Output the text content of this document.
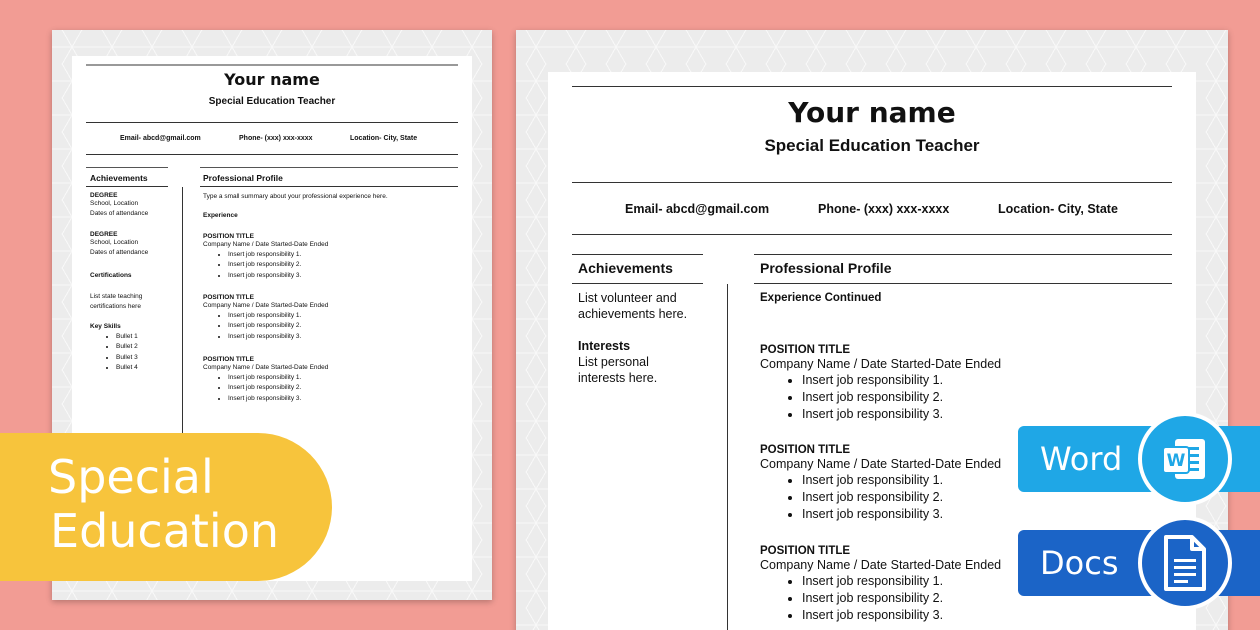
Your name
Special Education Teacher
Email- abcd@gmail.com	Phone- (xxx) xxx-xxxx	Location- City, State
Achievements
DEGREE
School, Location
Dates of attendance
DEGREE
School, Location
Dates of attendance
Certifications
List state teaching
certifications here
Key Skills
• Bullet 1
• Bullet 2
• Bullet 3
• Bullet 4
Professional Profile
Type a small summary about your professional experience here.
Experience
POSITION TITLE
Company Name / Date Started-Date Ended
• Insert job responsibility 1.
• Insert job responsibility 2.
• Insert job responsibility 3.
POSITION TITLE
Company Name / Date Started-Date Ended
• Insert job responsibility 1.
• Insert job responsibility 2.
• Insert job responsibility 3.
POSITION TITLE
Company Name / Date Started-Date Ended
• Insert job responsibility 1.
• Insert job responsibility 2.
• Insert job responsibility 3.
Your name
Special Education Teacher
Email- abcd@gmail.com	Phone- (xxx) xxx-xxxx	Location- City, State
Achievements
List volunteer and
achievements here.
Interests
List personal
interests here.
Professional Profile
Experience Continued
POSITION TITLE
Company Name / Date Started-Date Ended
• Insert job responsibility 1.
• Insert job responsibility 2.
• Insert job responsibility 3.
POSITION TITLE
Company Name / Date Started-Date Ended
• Insert job responsibility 1.
• Insert job responsibility 2.
• Insert job responsibility 3.
POSITION TITLE
Company Name / Date Started-Date Ended
• Insert job responsibility 1.
• Insert job responsibility 2.
• Insert job responsibility 3.
Special
Education
Word	W
Docs
